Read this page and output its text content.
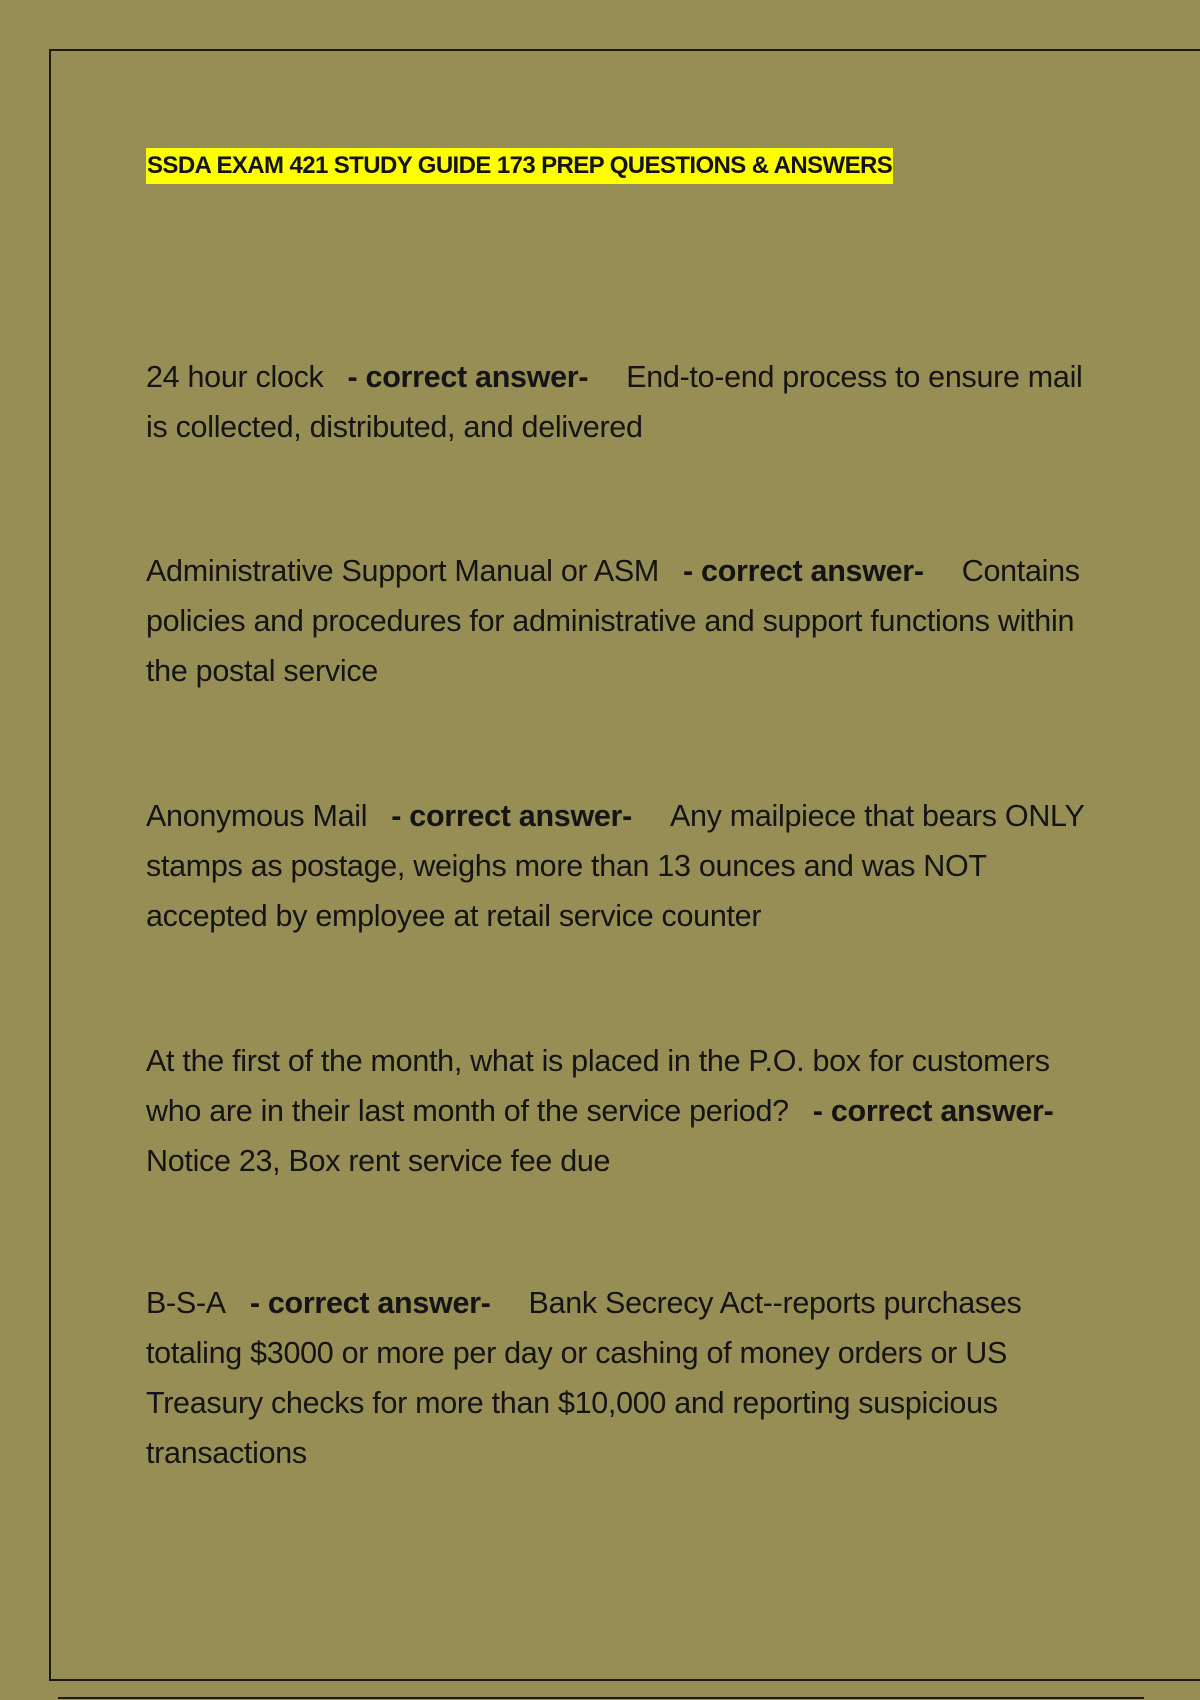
SSDA EXAM 421 STUDY GUIDE 173 PREP QUESTIONS & ANSWERS

24 hour clock - correct answer- End-to-end process to ensure mail is collected, distributed, and delivered

Administrative Support Manual or ASM - correct answer- Contains policies and procedures for administrative and support functions within the postal service

Anonymous Mail - correct answer- Any mailpiece that bears ONLY stamps as postage, weighs more than 13 ounces and was NOT accepted by employee at retail service counter

At the first of the month, what is placed in the P.O. box for customers who are in their last month of the service period? - correct answer-Notice 23, Box rent service fee due

B-S-A - correct answer- Bank Secrecy Act--reports purchases totaling $3000 or more per day or cashing of money orders or US Treasury checks for more than $10,000 and reporting suspicious transactions
